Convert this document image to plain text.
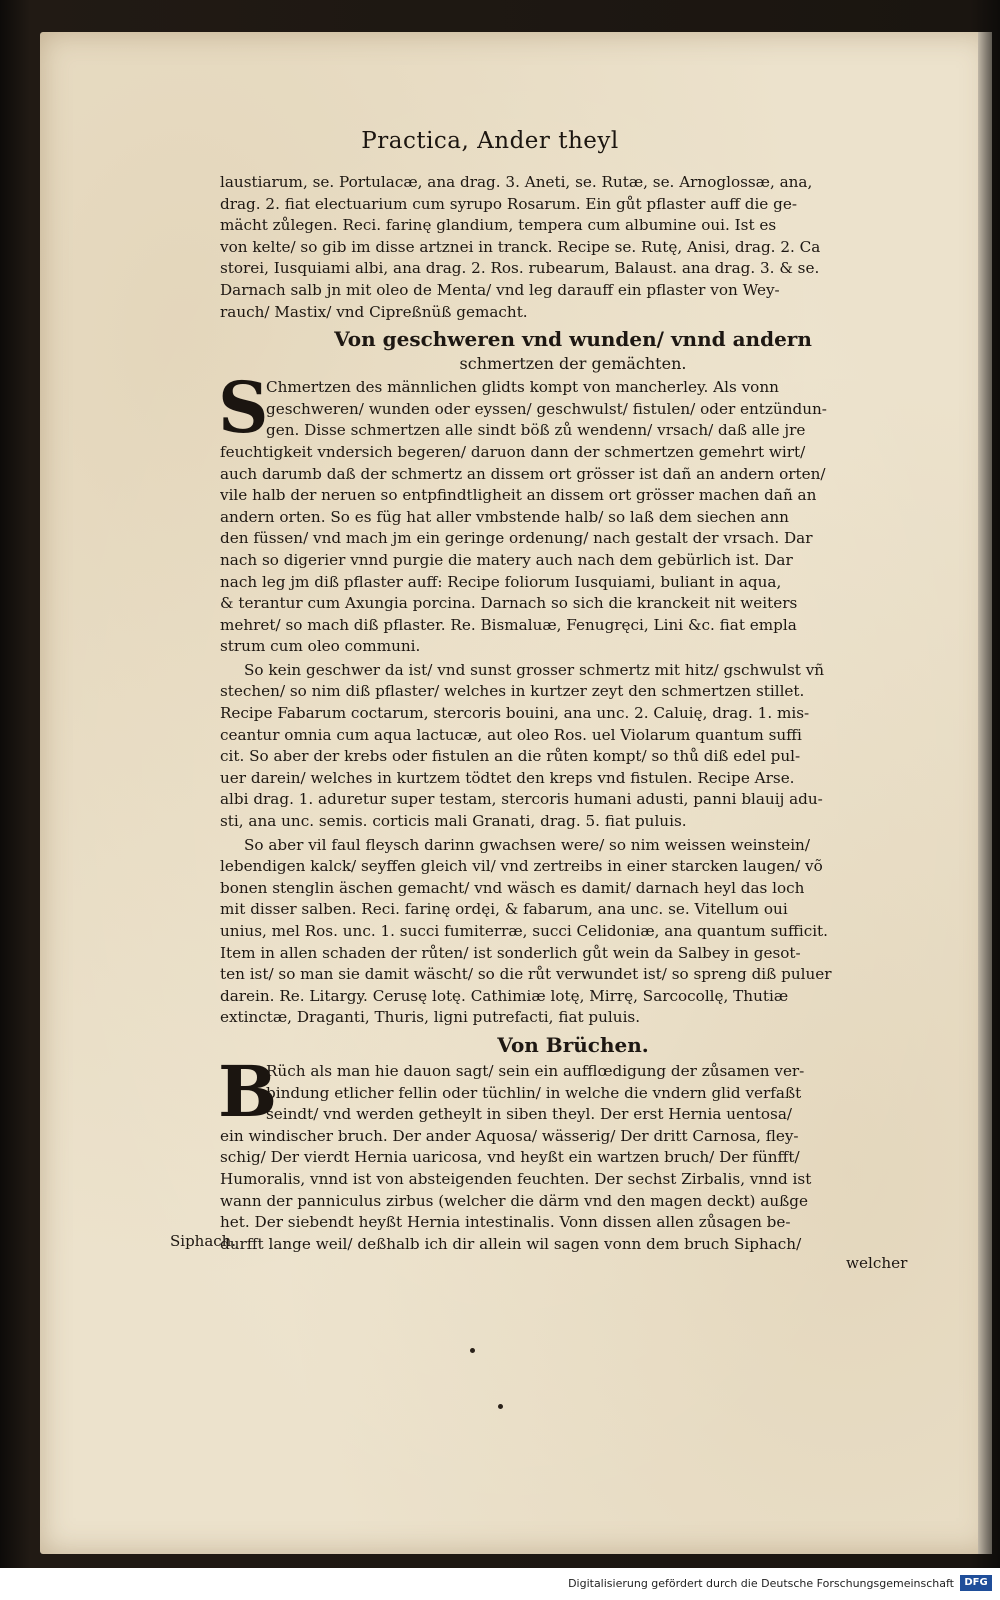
Practica, Ander theyl
laustiarum, se. Portulacæ, ana drag. 3. Aneti, se. Rutæ, se. Arnoglossæ, ana,
drag. 2. fiat electuarium cum syrupo Rosarum. Ein gůt pflaster auff die ge-
mächt zůlegen. Reci. farinę glandium, tempera cum albumine oui. Ist es
von kelte/ so gib im disse artznei in tranck. Recipe se. Rutę, Anisi, drag. 2. Ca
storei, Iusquiami albi, ana drag. 2. Ros. rubearum, Balaust. ana drag. 3. & se.
Darnach salb jn mit oleo de Menta/ vnd leg darauff ein pflaster von Wey-
rauch/ Mastix/ vnd Cipreßnüß gemacht.
Von geschweren vnd wunden/ vnnd andern
schmertzen der gemächten.
S
Chmertzen des männlichen glidts kompt von mancherley. Als vonn
geschweren/ wunden oder eyssen/ geschwulst/ fistulen/ oder entzündun-
gen. Disse schmertzen alle sindt böß zů wendenn/ vrsach/ daß alle jre
feuchtigkeit vndersich begeren/ daruon dann der schmertzen gemehrt wirt/
auch darumb daß der schmertz an dissem ort grösser ist dañ an andern orten/
vile halb der neruen so entpfindtligheit an dissem ort grösser machen dañ an
andern orten. So es füg hat aller vmbstende halb/ so laß dem siechen ann
den füssen/ vnd mach jm ein geringe ordenung/ nach gestalt der vrsach. Dar
nach so digerier vnnd purgie die matery auch nach dem gebürlich ist. Dar
nach leg jm diß pflaster auff: Recipe foliorum Iusquiami, buliant in aqua,
& terantur cum Axungia porcina. Darnach so sich die kranckeit nit weiters
mehret/ so mach diß pflaster. Re. Bismaluæ, Fenugręci, Lini &c. fiat empla
strum cum oleo communi.
So kein geschwer da ist/ vnd sunst grosser schmertz mit hitz/ gschwulst vñ
stechen/ so nim diß pflaster/ welches in kurtzer zeyt den schmertzen stillet.
Recipe Fabarum coctarum, stercoris bouini, ana unc. 2. Caluię, drag. 1. mis-
ceantur omnia cum aqua lactucæ, aut oleo Ros. uel Violarum quantum suffi
cit. So aber der krebs oder fistulen an die růten kompt/ so thů diß edel pul-
uer darein/ welches in kurtzem tödtet den kreps vnd fistulen. Recipe Arse.
albi drag. 1. aduretur super testam, stercoris humani adusti, panni blauij adu-
sti, ana unc. semis. corticis mali Granati, drag. 5. fiat puluis.
So aber vil faul fleysch darinn gwachsen were/ so nim weissen weinstein/
lebendigen kalck/ seyffen gleich vil/ vnd zertreibs in einer starcken laugen/ võ
bonen stenglin äschen gemacht/ vnd wäsch es damit/ darnach heyl das loch
mit disser salben. Reci. farinę ordęi, & fabarum, ana unc. se. Vitellum oui
unius, mel Ros. unc. 1. succi fumiterræ, succi Celidoniæ, ana quantum sufficit.
Item in allen schaden der růten/ ist sonderlich gůt wein da Salbey in gesot-
ten ist/ so man sie damit wäscht/ so die růt verwundet ist/ so spreng diß puluer
darein. Re. Litargy. Cerusę lotę. Cathimiæ lotę, Mirrę, Sarcocollę, Thutiæ
extinctæ, Draganti, Thuris, ligni putrefacti, fiat puluis.
Von Brüchen.
B
Rüch als man hie dauon sagt/ sein ein aufflœdigung der zůsamen ver-
bindung etlicher fellin oder tüchlin/ in welche die vndern glid verfaßt
seindt/ vnd werden getheylt in siben theyl. Der erst Hernia uentosa/
ein windischer bruch. Der ander Aquosa/ wässerig/ Der dritt Carnosa, fley-
schig/ Der vierdt Hernia uaricosa, vnd heyßt ein wartzen bruch/ Der fünfft/
Humoralis, vnnd ist von absteigenden feuchten. Der sechst Zirbalis, vnnd ist
wann der panniculus zirbus (welcher die därm vnd den magen deckt) außge
het. Der siebendt heyßt Hernia intestinalis. Vonn dissen allen zůsagen be-
durfft lange weil/ deßhalb ich dir allein wil sagen vonn dem bruch Siphach/
Siphach.
welcher
Digitalisierung gefördert durch die Deutsche Forschungsgemeinschaft	DFG
